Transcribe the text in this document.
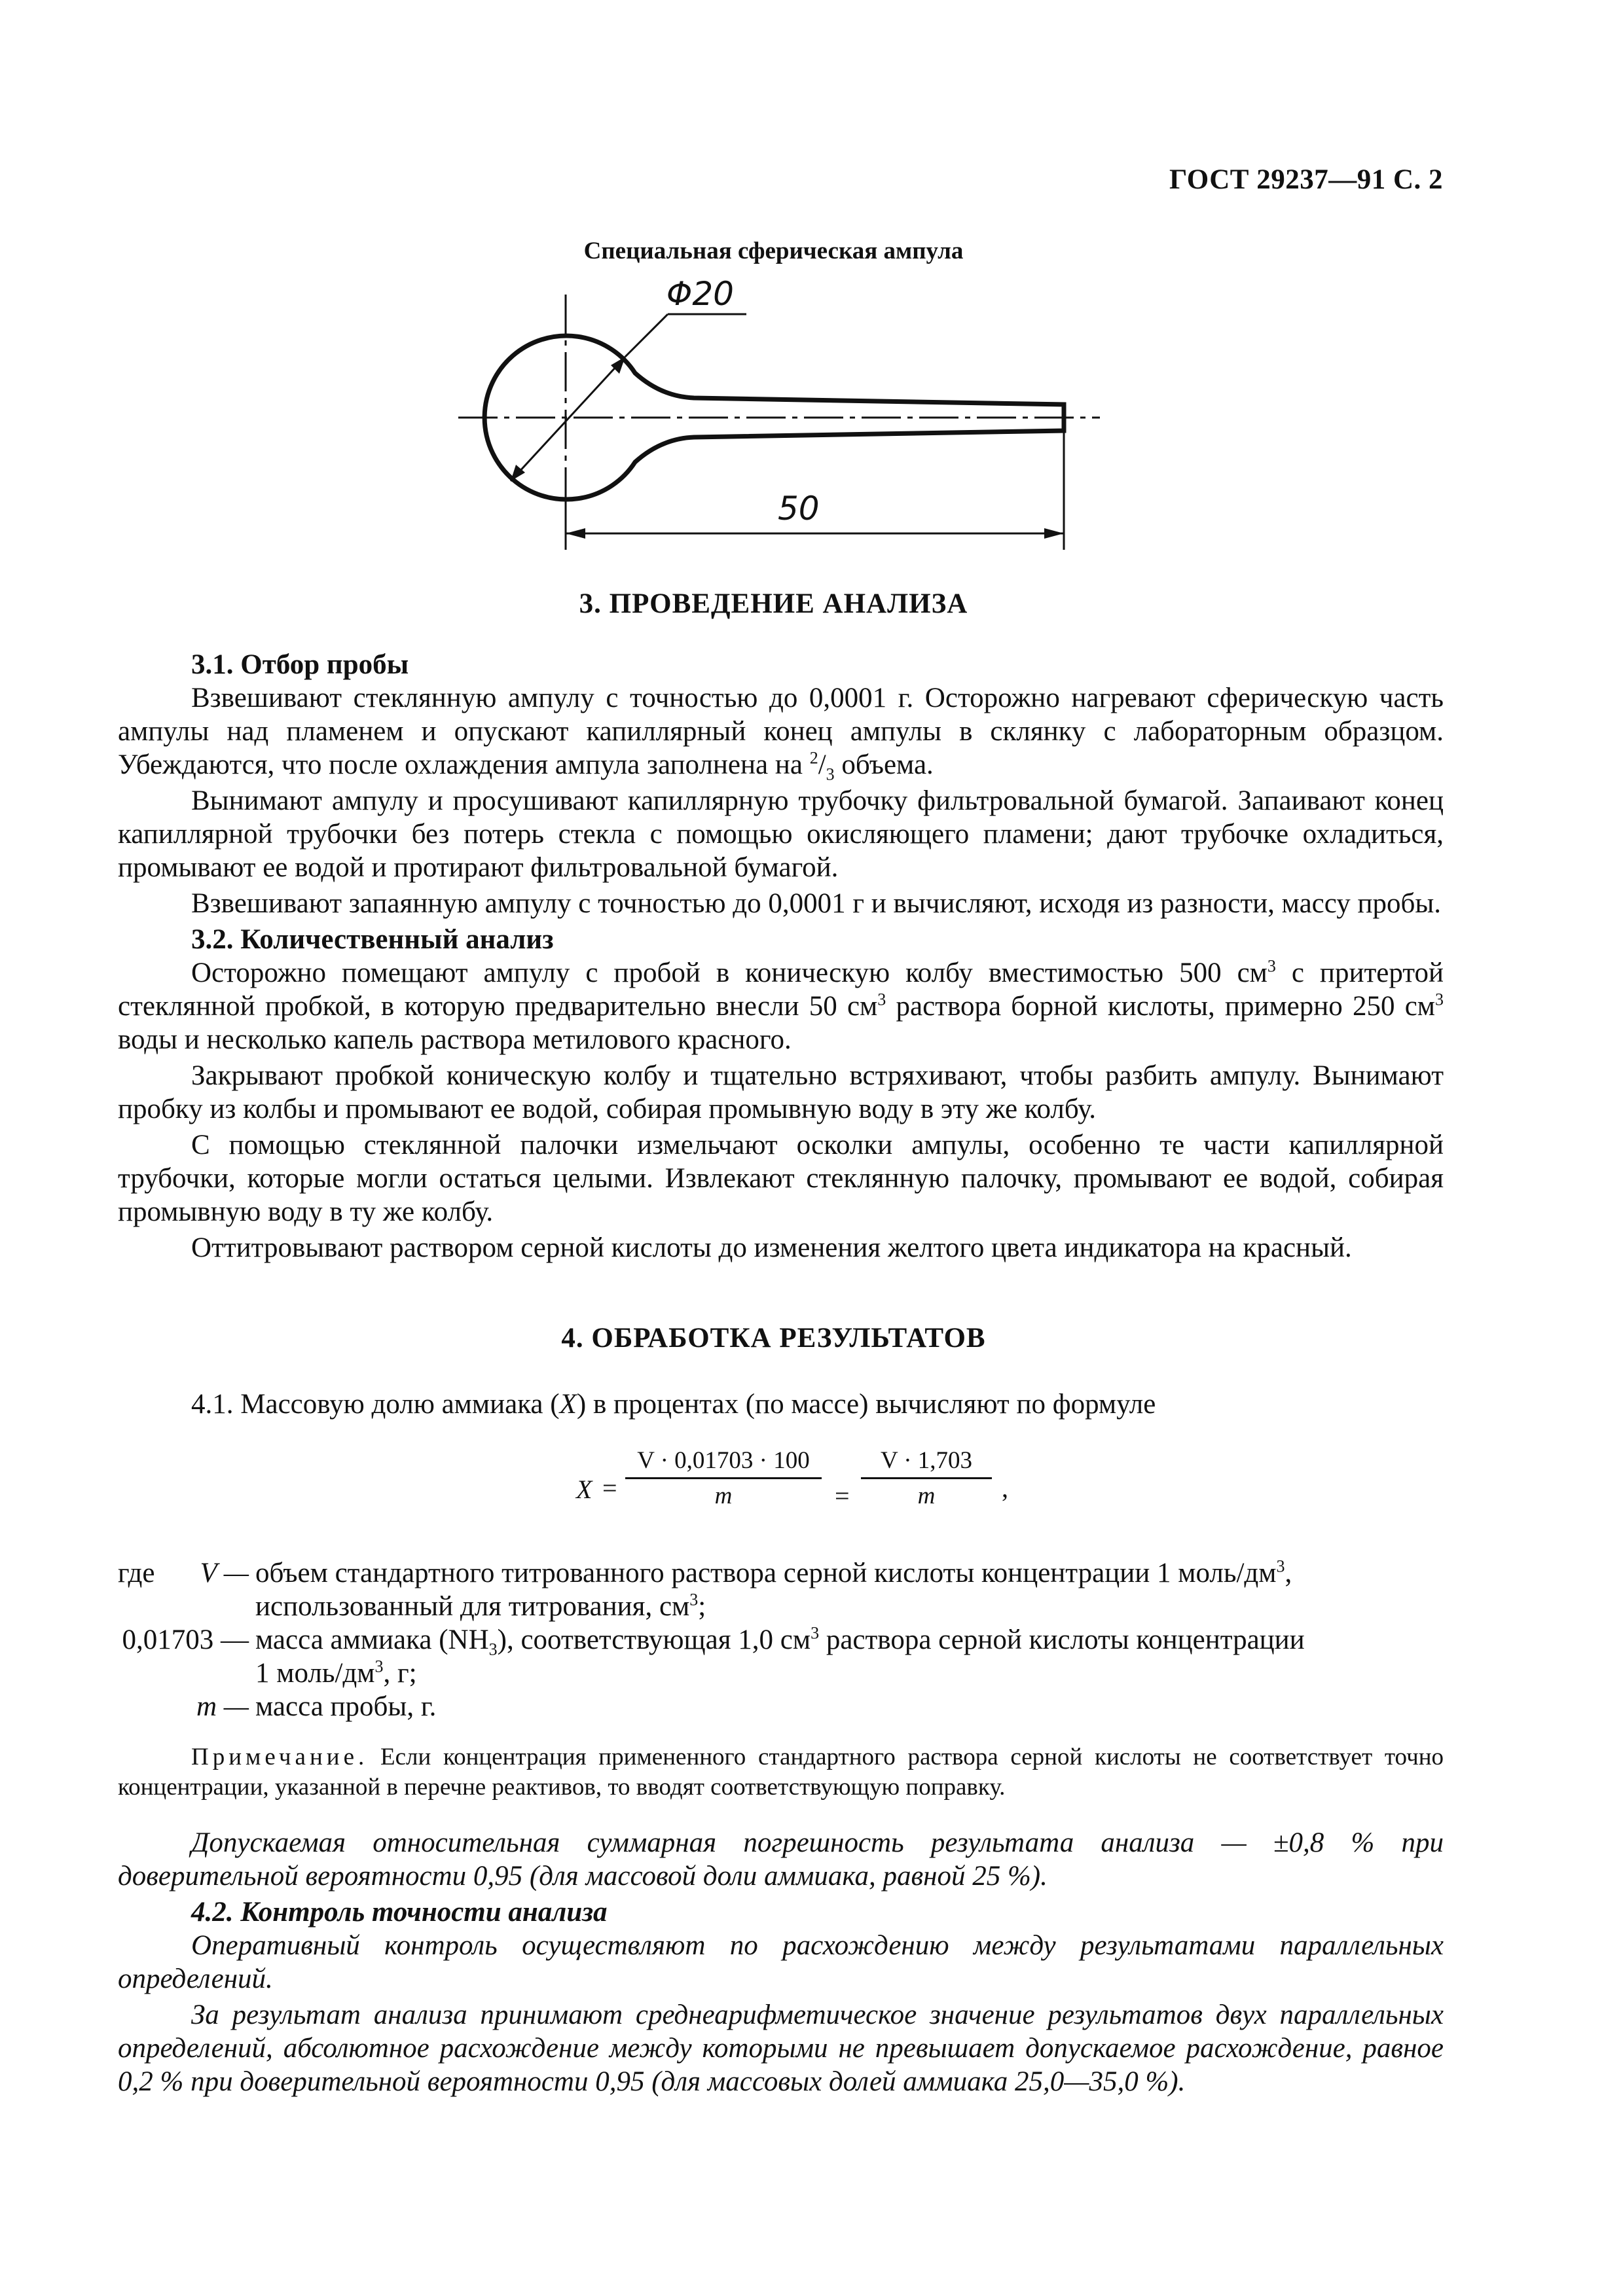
ГОСТ 29237—91 С. 2
Специальная сферическая ампула
Φ20
50
3. ПРОВЕДЕНИЕ АНАЛИЗА
3.1. Отбор пробы

Взвешивают стеклянную ампулу с точностью до 0,0001 г. Осторожно нагревают сферическую часть ампулы над пламенем и опускают капиллярный конец ампулы в склянку с лабораторным образцом. Убеждаются, что после охлаждения ампула заполнена на $^2/_3$ объема.

Вынимают ампулу и просушивают капиллярную трубочку фильтровальной бумагой. Запаивают конец капиллярной трубочки без потерь стекла с помощью окисляющего пламени; дают трубочке охладиться, промывают ее водой и протирают фильтровальной бумагой.

Взвешивают запаянную ампулу с точностью до 0,0001 г и вычисляют, исходя из разности, массу пробы.

3.2. Количественный анализ

Осторожно помещают ампулу с пробой в коническую колбу вместимостью 500 $см^3$ с притертой стеклянной пробкой, в которую предварительно внесли 50 $см^3$ раствора борной кислоты, примерно 250 $см^3$ воды и несколько капель раствора метилового красного.

Закрывают пробкой коническую колбу и тщательно встряхивают, чтобы разбить ампулу. Вынимают пробку из колбы и промывают ее водой, собирая промывную воду в эту же колбу.

С помощью стеклянной палочки измельчают осколки ампулы, особенно те части капиллярной трубочки, которые могли остаться целыми. Извлекают стеклянную палочку, промывают ее водой, собирая промывную воду в ту же колбу.

Оттитровывают раствором серной кислоты до изменения желтого цвета индикатора на красный.

4. ОБРАБОТКА РЕЗУЛЬТАТОВ

4.1. Массовую долю аммиака (X) в процентах (по массе) вычисляют по формуле

X =
V · 0,01703 · 100
m	=
V · 1,703
m	,
где	V — объем стандартного титрованного раствора серной кислоты концентрации 1 моль/$дм^3$,
использованный для титрования, $см^3$;
0,01703 — масса аммиака $(NH_3)$, соответствующая 1,0 $см^3$ раствора серной кислоты концентрации
1 моль/$дм^3$, г;
m — масса пробы, г.
Примечание. Если концентрация примененного стандартного раствора серной кислоты не соответствует точно концентрации, указанной в перечне реактивов, то вводят соответствующую поправку.

Допускаемая относительная суммарная погрешность результата анализа — ±0,8 % при доверительной вероятности 0,95 (для массовой доли аммиака, равной 25 %).

4.2. Контроль точности анализа

Оперативный контроль осуществляют по расхождению между результатами параллельных определений.

За результат анализа принимают среднеарифметическое значение результатов двух параллельных определений, абсолютное расхождение между которыми не превышает допускаемое расхождение, равное 0,2 % при доверительной вероятности 0,95 (для массовых долей аммиака 25,0—35,0 %).
